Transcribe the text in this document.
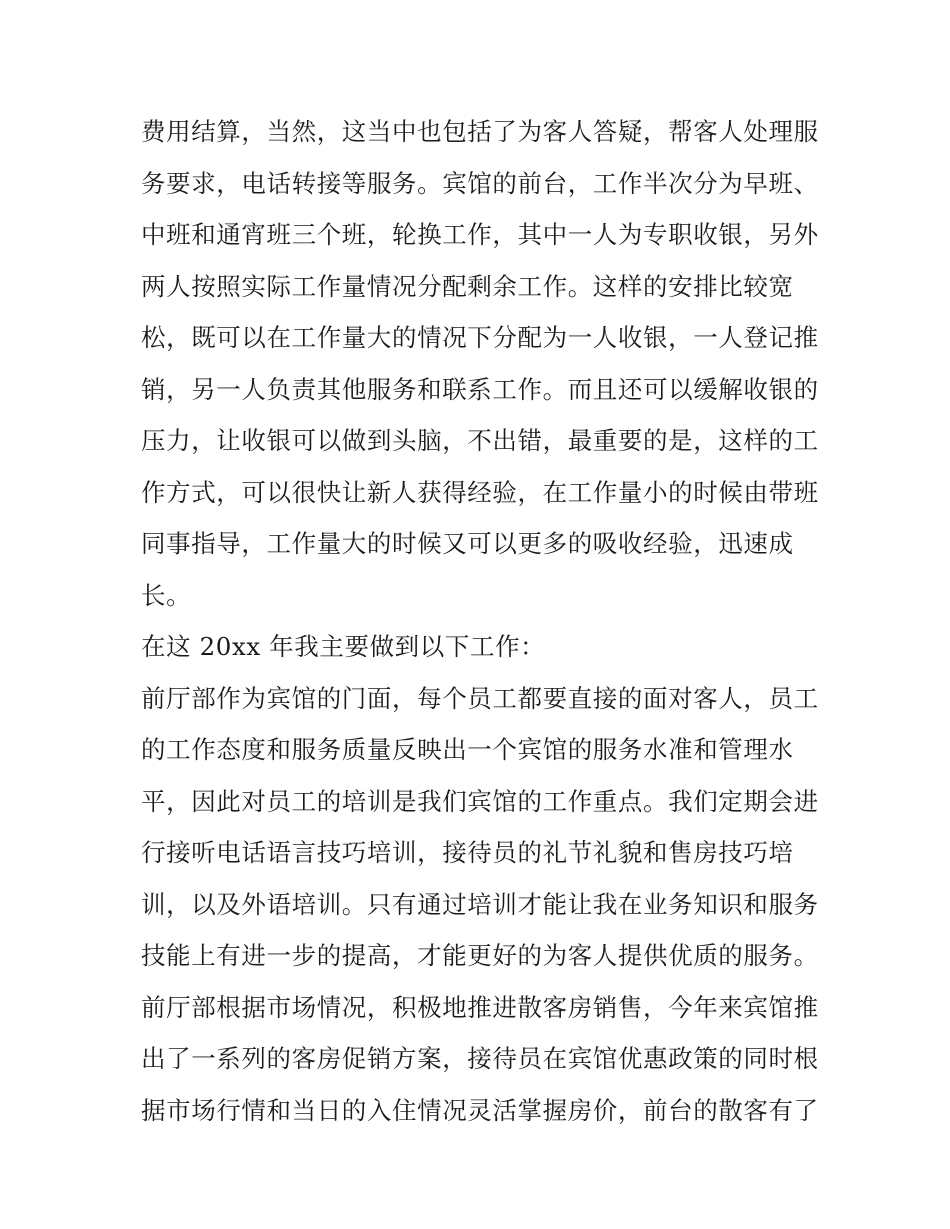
费用结算，当然，这当中也包括了为客人答疑，帮客人处理服
务要求，电话转接等服务。宾馆的前台，工作半次分为早班、
中班和通宵班三个班，轮换工作，其中一人为专职收银，另外
两人按照实际工作量情况分配剩余工作。这样的安排比较宽
松，既可以在工作量大的情况下分配为一人收银，一人登记推
销，另一人负责其他服务和联系工作。而且还可以缓解收银的
压力，让收银可以做到头脑，不出错，最重要的是，这样的工
作方式，可以很快让新人获得经验，在工作量小的时候由带班
同事指导，工作量大的时候又可以更多的吸收经验，迅速成
长。
在这 20xx 年我主要做到以下工作：
前厅部作为宾馆的门面，每个员工都要直接的面对客人，员工
的工作态度和服务质量反映出一个宾馆的服务水准和管理水
平，因此对员工的培训是我们宾馆的工作重点。我们定期会进
行接听电话语言技巧培训，接待员的礼节礼貌和售房技巧培
训，以及外语培训。只有通过培训才能让我在业务知识和服务
技能上有进一步的提高，才能更好的为客人提供优质的服务。
前厅部根据市场情况，积极地推进散客房销售，今年来宾馆推
出了一系列的客房促销方案，接待员在宾馆优惠政策的同时根
据市场行情和当日的入住情况灵活掌握房价，前台的散客有了
